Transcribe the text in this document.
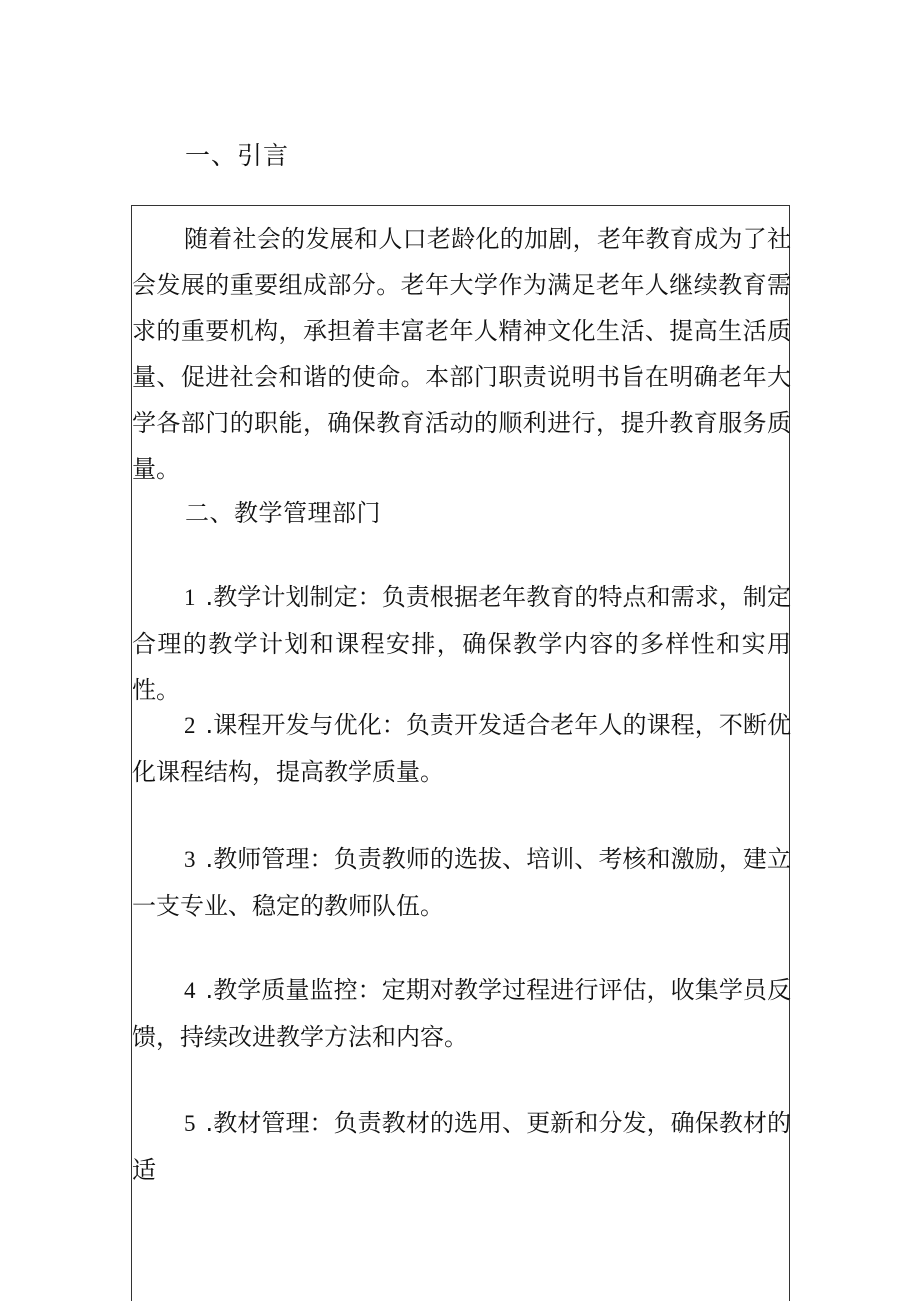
一、引言

随着社会的发展和人口老龄化的加剧，老年教育成为了社会发展的重要组成部分。老年大学作为满足老年人继续教育需求的重要机构，承担着丰富老年人精神文化生活、提高生活质量、促进社会和谐的使命。本部门职责说明书旨在明确老年大学各部门的职能，确保教育活动的顺利进行，提升教育服务质量。

二、教学管理部门

1 .教学计划制定：负责根据老年教育的特点和需求，制定合理的教学计划和课程安排，确保教学内容的多样性和实用性。

2 .课程开发与优化：负责开发适合老年人的课程，不断优化课程结构，提高教学质量。

3 .教师管理：负责教师的选拔、培训、考核和激励，建立一支专业、稳定的教师队伍。

4 .教学质量监控：定期对教学过程进行评估，收集学员反馈，持续改进教学方法和内容。

5 .教材管理：负责教材的选用、更新和分发，确保教材的适
